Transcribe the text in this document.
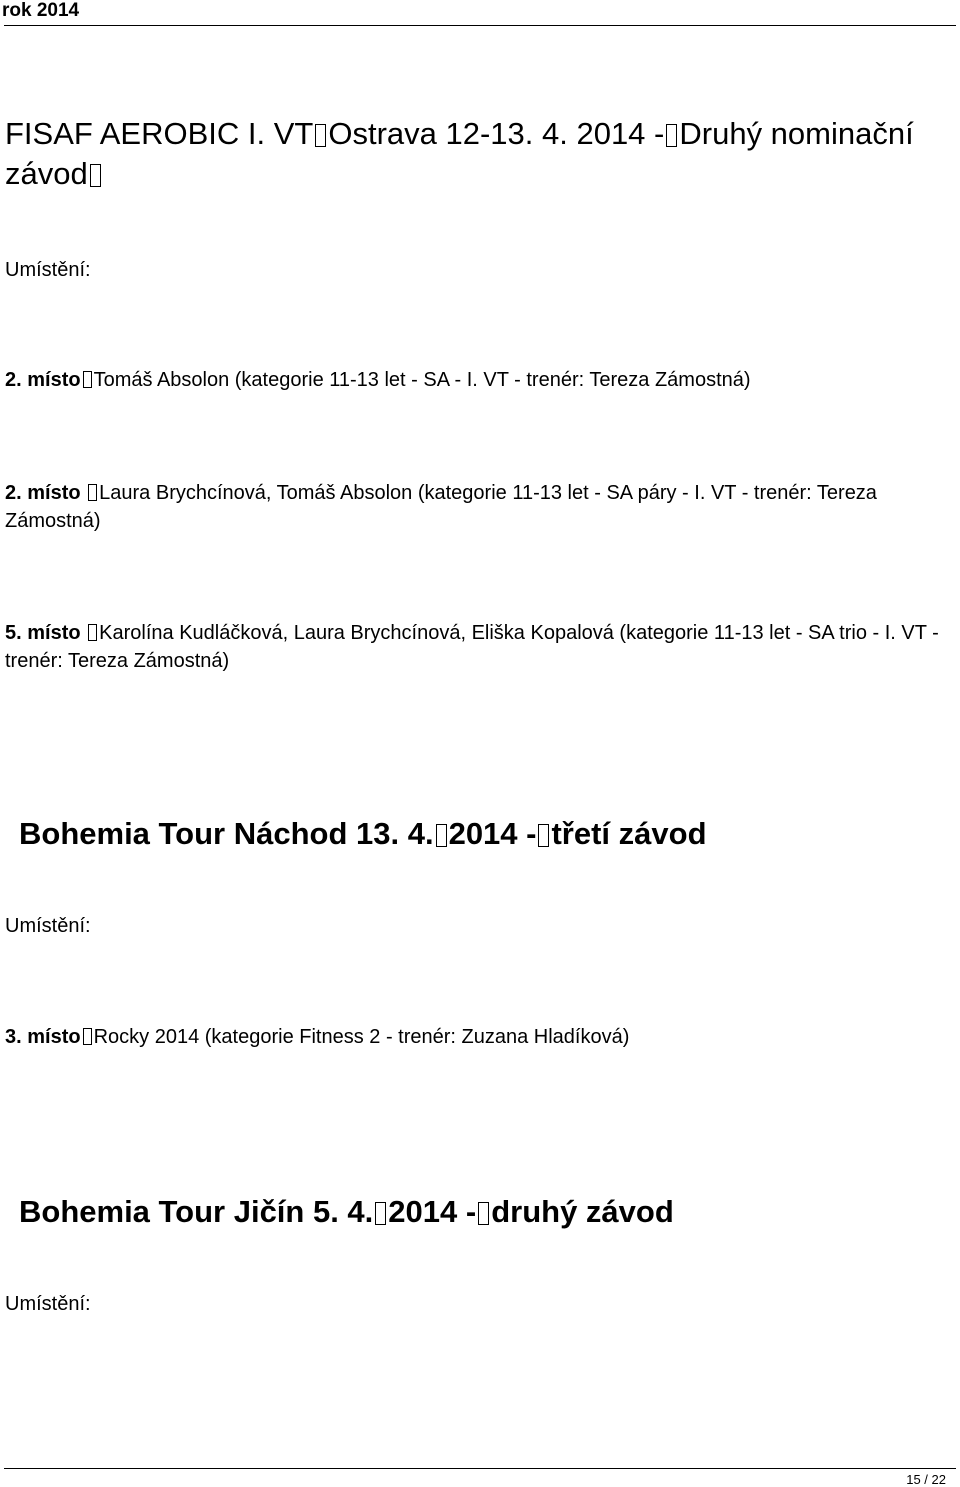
rok 2014
FISAF AEROBIC I. VT Ostrava 12-13. 4. 2014 - Druhý nominační závod
Umístění:
2. místo Tomáš Absolon (kategorie 11-13 let - SA - I. VT - trenér: Tereza Zámostná)
2. místo Laura Brychcínová, Tomáš Absolon (kategorie 11-13 let - SA páry - I. VT - trenér: Tereza Zámostná)
5. místo Karolína Kudláčková, Laura Brychcínová, Eliška Kopalová (kategorie 11-13 let - SA trio - I. VT - trenér: Tereza Zámostná)
Bohemia Tour Náchod 13. 4. 2014 - třetí závod
Umístění:
3. místo Rocky 2014 (kategorie Fitness 2 - trenér: Zuzana Hladíková)
Bohemia Tour Jičín 5. 4. 2014 - druhý závod
Umístění:
15 / 22
